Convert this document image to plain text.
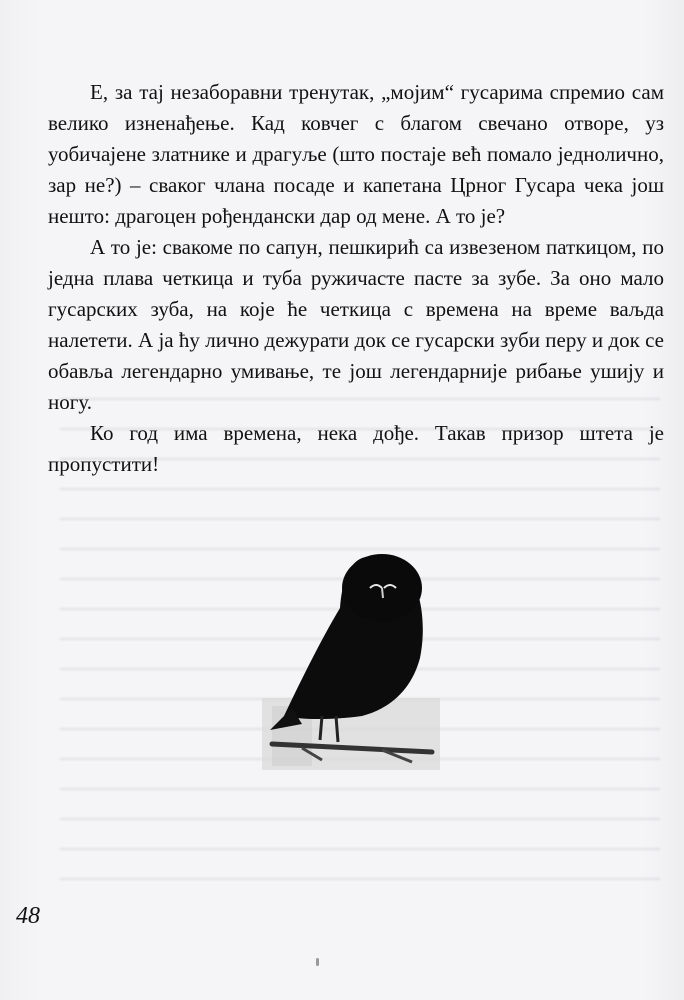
Е, за тај незаборавни тренутак, „мојим“ гусарима спремио сам велико изненађење. Кад ковчег с благом свечано отворе, уз уобичајене златнике и драгуље (што постаје већ помало једнолично, зар не?) – сваког члана посаде и капетана Црног Гусара чека још нешто: драгоцен рођендански дар од мене. А то је?

А то је: свакоме по сапун, пешкирић са извезеном паткицом, по једна плава четкица и туба ружичасте пасте за зубе. За оно мало гусарских зуба, на које ће четкица с времена на време ваљда налетети. А ја ћу лично дежурати док се гусарски зуби перу и док се обавља легендарно умивање, те још легендарније рибање ушију и ногу.

Ко год има времена, нека дође. Такав призор штета је пропустити!

48
